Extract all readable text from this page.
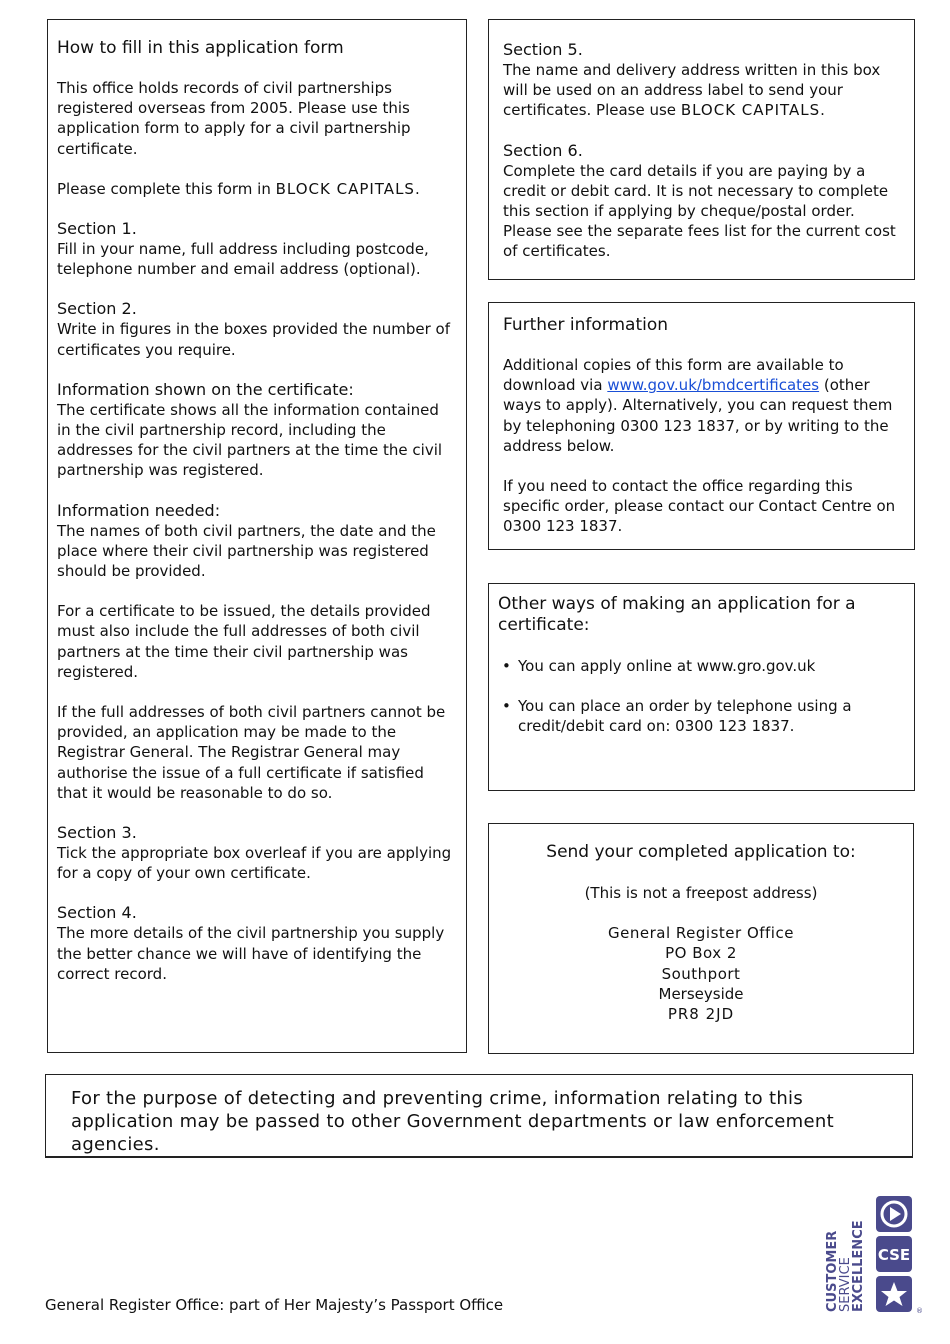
How to fill in this application form

This office holds records of civil partnerships registered overseas from 2005. Please use this application form to apply for a civil partnership certificate.

Please complete this form in BLOCK CAPITALS.

Section 1.
Fill in your name, full address including postcode, telephone number and email address (optional).
Section 2.
Write in figures in the boxes provided the number of certificates you require.
Information shown on the certificate:
The certificate shows all the information contained in the civil partnership record, including the addresses for the civil partners at the time the civil partnership was registered.
Information needed:
The names of both civil partners, the date and the place where their civil partnership was registered should be provided.

For a certificate to be issued, the details provided must also include the full addresses of both civil partners at the time their civil partnership was registered.

If the full addresses of both civil partners cannot be provided, an application may be made to the Registrar General. The Registrar General may authorise the issue of a full certificate if satisfied that it would be reasonable to do so.

Section 3.
Tick the appropriate box overleaf if you are applying for a copy of your own certificate.
Section 4.
The more details of the civil partnership you supply the better chance we will have of identifying the correct record.
Section 5.
The name and delivery address written in this box will be used on an address label to send your certificates. Please use BLOCK CAPITALS.
Section 6.
Complete the card details if you are paying by a credit or debit card. It is not necessary to complete this section if applying by cheque/postal order. Please see the separate fees list for the current cost of certificates.
Further information

Additional copies of this form are available to download via www.gov.uk/bmdcertificates (other ways to apply). Alternatively, you can request them by telephoning 0300 123 1837, or by writing to the address below.

If you need to contact the office regarding this specific order, please contact our Contact Centre on 0300 123 1837.

Other ways of making an application for a certificate:
• You can apply online at www.gro.gov.uk
• You can place an order by telephone using a credit/debit card on: 0300 123 1837.
Send your completed application to:

(This is not a freepost address)

General Register Office
PO Box 2
Southport
Merseyside
PR8 2JD
For the purpose of detecting and preventing crime, information relating to this application may be passed to other Government departments or law enforcement agencies.
General Register Office: part of Her Majesty’s Passport Office	CUSTOMER
SERVICE
EXCELLENCE CSE
®
